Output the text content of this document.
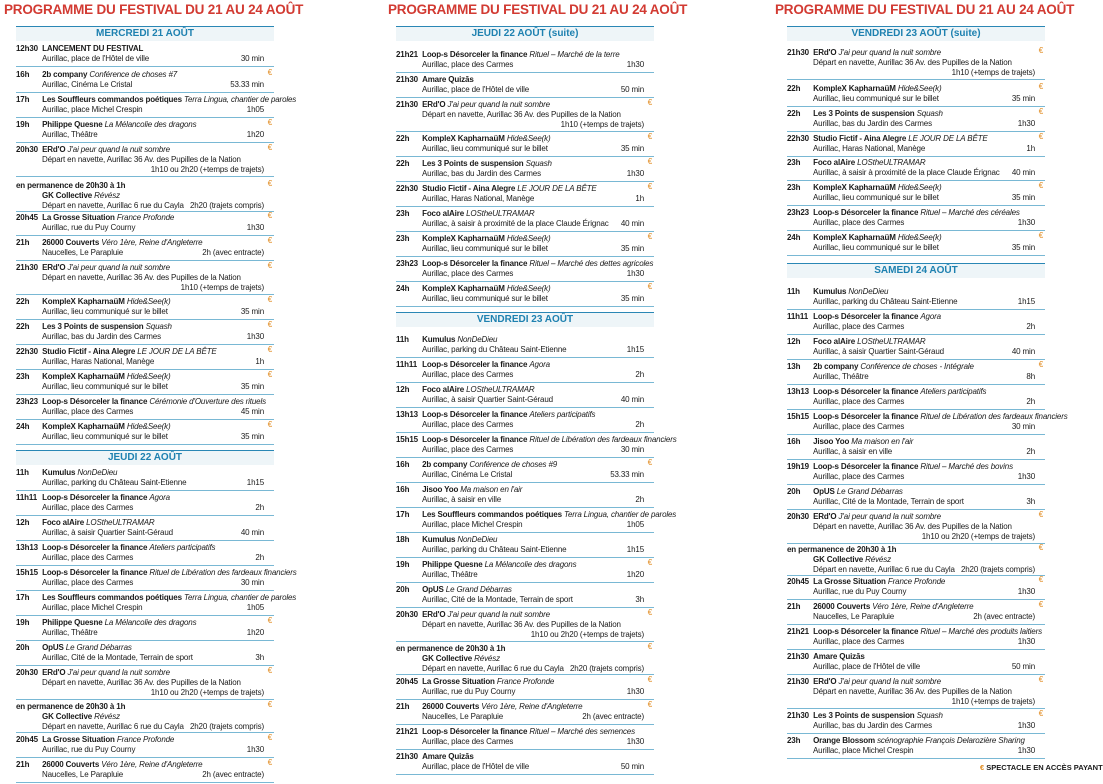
PROGRAMME DU FESTIVAL DU 21 AU 24 AOÛT
MERCREDI 21 AOÛT
12h30 LANCEMENT DU FESTIVAL
Aurillac, place de l'Hôtel de ville	30 min
16h 2b company Conférence de choses #7
Aurillac, Cinéma Le Cristal	53.33 min
€
17h Les Souffleurs commandos poétiques Terra Lingua, chantier de paroles
Aurillac, place Michel Crespin	1h05
19h Philippe Quesne La Mélancolie des dragons
Aurillac, Théâtre	1h20
€
20h30 ERd'O J'ai peur quand la nuit sombre
Départ en navette, Aurillac 36 Av. des Pupilles de la Nation
1h10 ou 2h20 (+temps de trajets)
€
en permanence de 20h30 à 1h
GK Collective Révész
Départ en navette, Aurillac 6 rue du Cayla 2h20 (trajets compris)
€
20h45 La Grosse Situation France Profonde
Aurillac, rue du Puy Courny	1h30
€
21h 26000 Couverts Véro 1ère, Reine d'Angleterre
Naucelles, Le Parapluie	2h (avec entracte)
€
21h30 ERd'O J'ai peur quand la nuit sombre
Départ en navette, Aurillac 36 Av. des Pupilles de la Nation
1h10 (+temps de trajets)
€
22h KompleX KapharnaüM Hide&See(k)
Aurillac, lieu communiqué sur le billet	35 min
€
22h Les 3 Points de suspension Squash
Aurillac, bas du Jardin des Carmes	1h30
€
22h30 Studio Fictif - Aina Alegre LE JOUR DE LA BÊTE
Aurillac, Haras National, Manège	1h
€
23h KompleX KapharnaüM Hide&See(k)
Aurillac, lieu communiqué sur le billet	35 min
€
23h23 Loop-s Désorceler la finance Cérémonie d'Ouverture des rituels
Aurillac, place des Carmes	45 min
24h KompleX KapharnaüM Hide&See(k)
Aurillac, lieu communiqué sur le billet	35 min
€
JEUDI 22 AOÛT
11h Kumulus NonDeDieu
Aurillac, parking du Château Saint-Etienne	1h15
11h11 Loop-s Désorceler la finance Agora
Aurillac, place des Carmes	2h
12h Foco alAire LOStheULTRAMAR
Aurillac, à saisir Quartier Saint-Géraud	40 min
13h13 Loop-s Désorceler la finance Ateliers participatifs
Aurillac, place des Carmes	2h
15h15 Loop-s Désorceler la finance Rituel de Libération des fardeaux financiers
Aurillac, place des Carmes	30 min
17h Les Souffleurs commandos poétiques Terra Lingua, chantier de paroles
Aurillac, place Michel Crespin	1h05
19h Philippe Quesne La Mélancolie des dragons
Aurillac, Théâtre	1h20
€
20h OpUS Le Grand Débarras
Aurillac, Cité de la Montade, Terrain de sport	3h
20h30 ERd'O J'ai peur quand la nuit sombre
Départ en navette, Aurillac 36 Av. des Pupilles de la Nation
1h10 ou 2h20 (+temps de trajets)
€
en permanence de 20h30 à 1h
GK Collective Révész
Départ en navette, Aurillac 6 rue du Cayla 2h20 (trajets compris)
€
20h45 La Grosse Situation France Profonde
Aurillac, rue du Puy Courny	1h30
€
21h 26000 Couverts Véro 1ère, Reine d'Angleterre
Naucelles, Le Parapluie	2h (avec entracte)
€
PROGRAMME DU FESTIVAL DU 21 AU 24 AOÛT
JEUDI 22 AOÛT (suite)
21h21 Loop-s Désorceler la finance Rituel – Marché de la terre
Aurillac, place des Carmes	1h30
21h30 Amare Quizās
Aurillac, place de l'Hôtel de ville	50 min
21h30 ERd'O J'ai peur quand la nuit sombre
Départ en navette, Aurillac 36 Av. des Pupilles de la Nation
1h10 (+temps de trajets)
€
22h KompleX KapharnaüM Hide&See(k)
Aurillac, lieu communiqué sur le billet	35 min
€
22h Les 3 Points de suspension Squash
Aurillac, bas du Jardin des Carmes	1h30
€
22h30 Studio Fictif - Aina Alegre LE JOUR DE LA BÊTE
Aurillac, Haras National, Manège	1h
€
23h Foco alAire LOStheULTRAMAR
Aurillac, à saisir à proximité de la place Claude Érignac 40 min
23h KompleX KapharnaüM Hide&See(k)
Aurillac, lieu communiqué sur le billet	35 min
€
23h23 Loop-s Désorceler la finance Rituel – Marché des dettes agricoles
Aurillac, place des Carmes	1h30
24h KompleX KapharnaüM Hide&See(k)
Aurillac, lieu communiqué sur le billet	35 min
€
VENDREDI 23 AOÛT
11h Kumulus NonDeDieu
Aurillac, parking du Château Saint-Etienne	1h15
11h11 Loop-s Désorceler la finance Agora
Aurillac, place des Carmes	2h
12h Foco alAire LOStheULTRAMAR
Aurillac, à saisir Quartier Saint-Géraud	40 min
13h13 Loop-s Désorceler la finance Ateliers participatifs
Aurillac, place des Carmes	2h
15h15 Loop-s Désorceler la finance Rituel de Libération des fardeaux financiers
Aurillac, place des Carmes	30 min
16h 2b company Conférence de choses #9
Aurillac, Cinéma Le Cristal	53.33 min
€
16h Jisoo Yoo Ma maison en l'air
Aurillac, à saisir en ville	2h
17h Les Souffleurs commandos poétiques Terra Lingua, chantier de paroles
Aurillac, place Michel Crespin	1h05
18h Kumulus NonDeDieu
Aurillac, parking du Château Saint-Etienne	1h15
19h Philippe Quesne La Mélancolie des dragons
Aurillac, Théâtre	1h20
€
20h OpUS Le Grand Débarras
Aurillac, Cité de la Montade, Terrain de sport	3h
20h30 ERd'O J'ai peur quand la nuit sombre
Départ en navette, Aurillac 36 Av. des Pupilles de la Nation
1h10 ou 2h20 (+temps de trajets)
€
en permanence de 20h30 à 1h
GK Collective Révész
Départ en navette, Aurillac 6 rue du Cayla 2h20 (trajets compris)
€
20h45 La Grosse Situation France Profonde
Aurillac, rue du Puy Courny	1h30
€
21h 26000 Couverts Véro 1ère, Reine d'Angleterre
Naucelles, Le Parapluie	2h (avec entracte)
€
21h21 Loop-s Désorceler la finance Rituel – Marché des semences
Aurillac, place des Carmes	1h30
21h30 Amare Quizās
Aurillac, place de l'Hôtel de ville	50 min
PROGRAMME DU FESTIVAL DU 21 AU 24 AOÛT
VENDREDI 23 AOÛT (suite)
21h30 ERd'O J'ai peur quand la nuit sombre
Départ en navette, Aurillac 36 Av. des Pupilles de la Nation
1h10 (+temps de trajets)
€
22h KompleX KapharnaüM Hide&See(k)
Aurillac, lieu communiqué sur le billet	35 min
€
22h Les 3 Points de suspension Squash
Aurillac, bas du Jardin des Carmes	1h30
€
22h30 Studio Fictif - Aina Alegre LE JOUR DE LA BÊTE
Aurillac, Haras National, Manège	1h
€
23h Foco alAire LOStheULTRAMAR
Aurillac, à saisir à proximité de la place Claude Érignac 40 min
23h KompleX KapharnaüM Hide&See(k)
Aurillac, lieu communiqué sur le billet	35 min
€
23h23 Loop-s Désorceler la finance Rituel – Marché des céréales
Aurillac, place des Carmes	1h30
24h KompleX KapharnaüM Hide&See(k)
Aurillac, lieu communiqué sur le billet	35 min
€
SAMEDI 24 AOÛT
11h Kumulus NonDeDieu
Aurillac, parking du Château Saint-Etienne	1h15
11h11 Loop-s Désorceler la finance Agora
Aurillac, place des Carmes	2h
12h Foco alAire LOStheULTRAMAR
Aurillac, à saisir Quartier Saint-Géraud	40 min
13h 2b company Conférence de choses - Intégrale
Aurillac, Théâtre	8h
€
13h13 Loop-s Désorceler la finance Ateliers participatifs
Aurillac, place des Carmes	2h
15h15 Loop-s Désorceler la finance Rituel de Libération des fardeaux financiers
Aurillac, place des Carmes	30 min
16h Jisoo Yoo Ma maison en l'air
Aurillac, à saisir en ville	2h
19h19 Loop-s Désorceler la finance Rituel – Marché des bovins
Aurillac, place des Carmes	1h30
20h OpUS Le Grand Débarras
Aurillac, Cité de la Montade, Terrain de sport	3h
20h30 ERd'O J'ai peur quand la nuit sombre
Départ en navette, Aurillac 36 Av. des Pupilles de la Nation
1h10 ou 2h20 (+temps de trajets)
€
en permanence de 20h30 à 1h
GK Collective Révész
Départ en navette, Aurillac 6 rue du Cayla 2h20 (trajets compris)
€
20h45 La Grosse Situation France Profonde
Aurillac, rue du Puy Courny	1h30
€
21h 26000 Couverts Véro 1ère, Reine d'Angleterre
Naucelles, Le Parapluie	2h (avec entracte)
€
21h21 Loop-s Désorceler la finance Rituel – Marché des produits laitiers
Aurillac, place des Carmes	1h30
21h30 Amare Quizās
Aurillac, place de l'Hôtel de ville	50 min
21h30 ERd'O J'ai peur quand la nuit sombre
Départ en navette, Aurillac 36 Av. des Pupilles de la Nation
1h10 (+temps de trajets)
€
21h30 Les 3 Points de suspension Squash
Aurillac, bas du Jardin des Carmes	1h30
€
23h Orange Blossom scénographie François Delarozière Sharing
Aurillac, place Michel Crespin	1h30
€ SPECTACLE EN ACCÈS PAYANT
